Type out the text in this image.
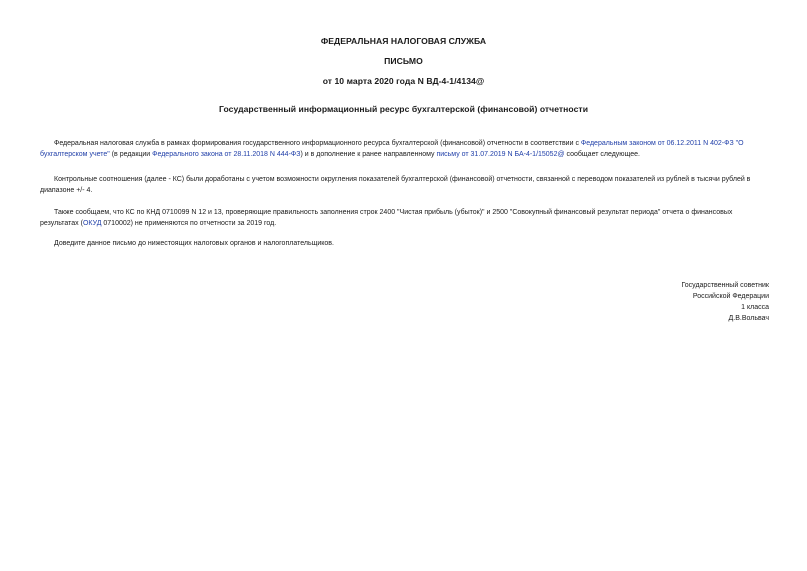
ФЕДЕРАЛЬНАЯ НАЛОГОВАЯ СЛУЖБА
ПИСЬМО
от 10 марта 2020 года N ВД-4-1/4134@
Государственный информационный ресурс бухгалтерской (финансовой) отчетности

Федеральная налоговая служба в рамках формирования государственного информационного ресурса бухгалтерской (финансовой) отчетности в соответствии с Федеральным законом от 06.12.2011 N 402-ФЗ "О бухгалтерском учете" (в редакции Федерального закона от 28.11.2018 N 444-ФЗ) и в дополнение к ранее направленному письму от 31.07.2019 N БА-4-1/15052@ сообщает следующее.

Контрольные соотношения (далее - КС) были доработаны с учетом возможности округления показателей бухгалтерской (финансовой) отчетности, связанной с переводом показателей из рублей в тысячи рублей в диапазоне +/- 4.

Также сообщаем, что КС по КНД 0710099 N 12 и 13, проверяющие правильность заполнения строк 2400 "Чистая прибыль (убыток)" и 2500 "Совокупный финансовый результат периода" отчета о финансовых результатах (ОКУД 0710002) не применяются по отчетности за 2019 год.

Доведите данное письмо до нижестоящих налоговых органов и налогоплательщиков.

Государственный советник
Российской Федерации
1 класса
Д.В.Вольвач
